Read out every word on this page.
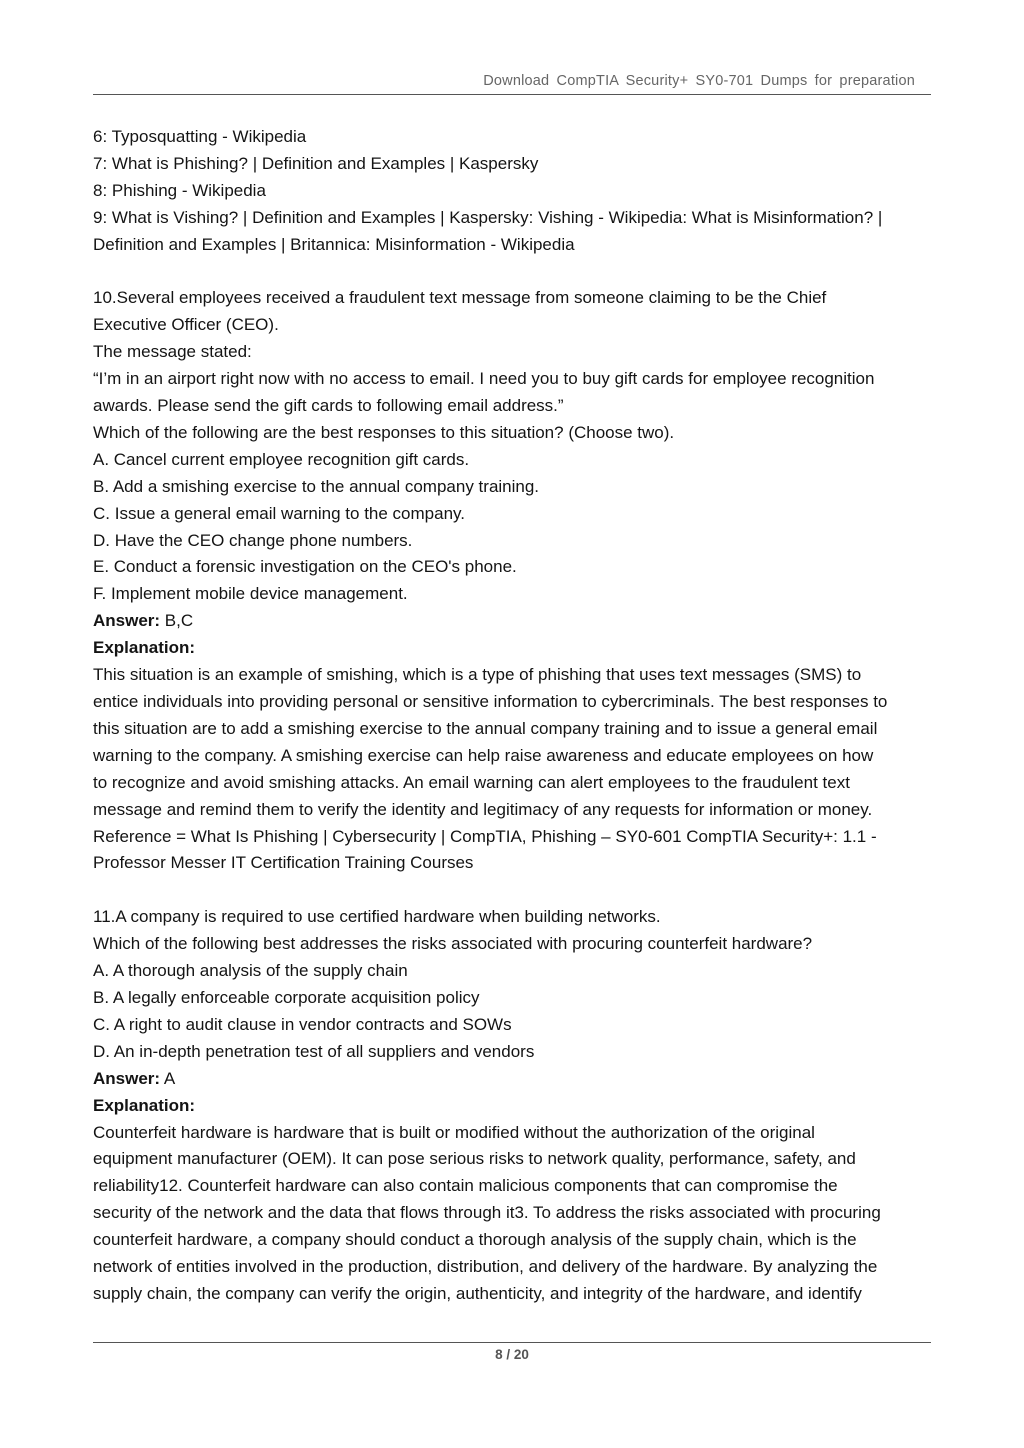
Download CompTIA Security+ SY0-701 Dumps for preparation

6: Typosquatting - Wikipedia

7: What is Phishing? | Definition and Examples | Kaspersky

8: Phishing - Wikipedia

9: What is Vishing? | Definition and Examples | Kaspersky: Vishing - Wikipedia: What is Misinformation? |

Definition and Examples | Britannica: Misinformation - Wikipedia

10.Several employees received a fraudulent text message from someone claiming to be the Chief

Executive Officer (CEO).

The message stated:

“I’m in an airport right now with no access to email. I need you to buy gift cards for employee recognition

awards. Please send the gift cards to following email address.”

Which of the following are the best responses to this situation? (Choose two).

A. Cancel current employee recognition gift cards.

B. Add a smishing exercise to the annual company training.

C. Issue a general email warning to the company.

D. Have the CEO change phone numbers.

E. Conduct a forensic investigation on the CEO's phone.

F. Implement mobile device management.

Answer: B,C

Explanation:

This situation is an example of smishing, which is a type of phishing that uses text messages (SMS) to

entice individuals into providing personal or sensitive information to cybercriminals. The best responses to

this situation are to add a smishing exercise to the annual company training and to issue a general email

warning to the company. A smishing exercise can help raise awareness and educate employees on how

to recognize and avoid smishing attacks. An email warning can alert employees to the fraudulent text

message and remind them to verify the identity and legitimacy of any requests for information or money.

Reference = What Is Phishing | Cybersecurity | CompTIA, Phishing – SY0-601 CompTIA Security+: 1.1 -

Professor Messer IT Certification Training Courses

11.A company is required to use certified hardware when building networks.

Which of the following best addresses the risks associated with procuring counterfeit hardware?

A. A thorough analysis of the supply chain

B. A legally enforceable corporate acquisition policy

C. A right to audit clause in vendor contracts and SOWs

D. An in-depth penetration test of all suppliers and vendors

Answer: A

Explanation:

Counterfeit hardware is hardware that is built or modified without the authorization of the original

equipment manufacturer (OEM). It can pose serious risks to network quality, performance, safety, and

reliability12. Counterfeit hardware can also contain malicious components that can compromise the

security of the network and the data that flows through it3. To address the risks associated with procuring

counterfeit hardware, a company should conduct a thorough analysis of the supply chain, which is the

network of entities involved in the production, distribution, and delivery of the hardware. By analyzing the

supply chain, the company can verify the origin, authenticity, and integrity of the hardware, and identify

8 / 20
